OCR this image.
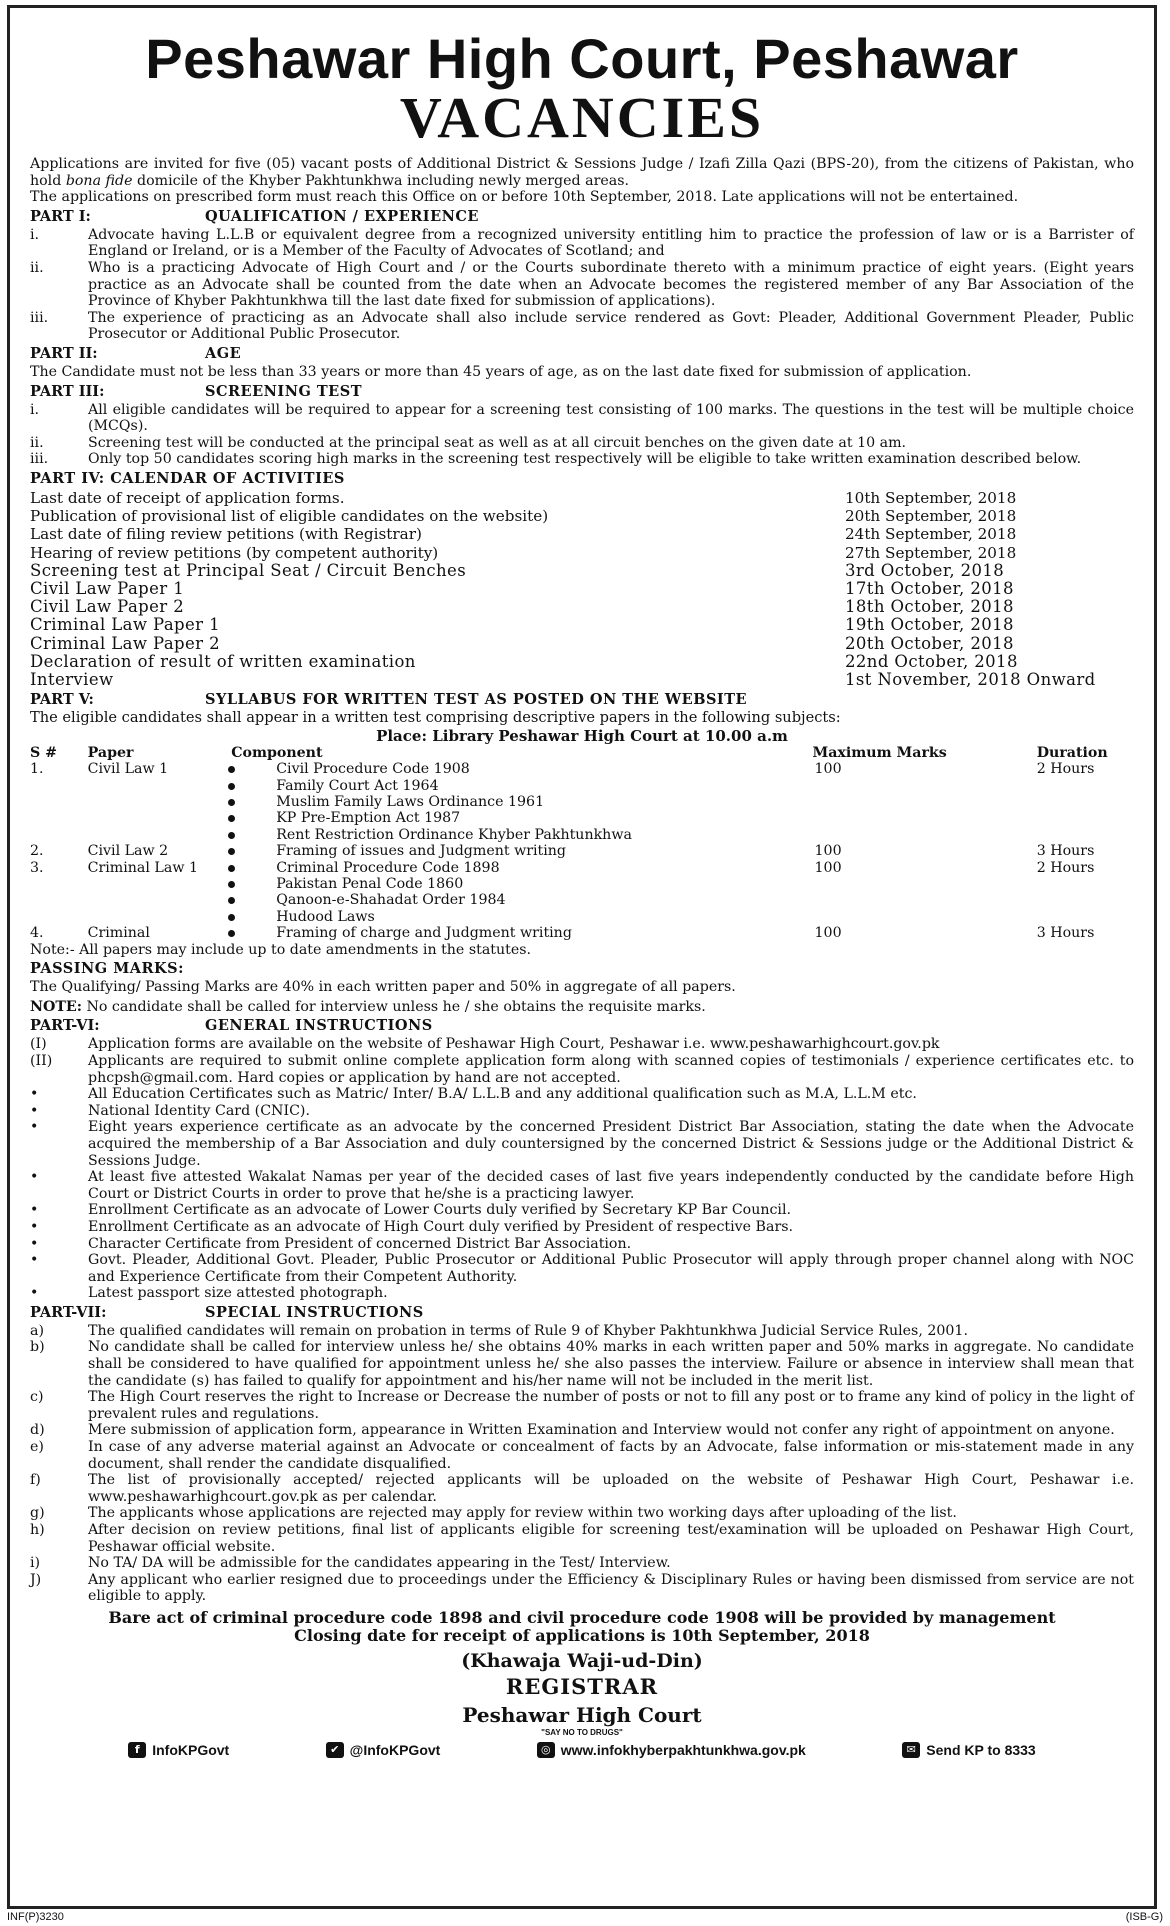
Peshawar High Court, Peshawar
VACANCIES

Applications are invited for five (05) vacant posts of Additional District & Sessions Judge / Izafi Zilla Qazi (BPS-20), from the citizens of Pakistan, who hold bona fide domicile of the Khyber Pakhtunkhwa including newly merged areas.

The applications on prescribed form must reach this Office on or before 10th September, 2018. Late applications will not be entertained.

PART I:	QUALIFICATION / EXPERIENCE
i.	Advocate having L.L.B or equivalent degree from a recognized university entitling him to practice the profession of law or is a Barrister of England or Ireland, or is a Member of the Faculty of Advocates of Scotland; and
ii.	Who is a practicing Advocate of High Court and / or the Courts subordinate thereto with a minimum practice of eight years. (Eight years practice as an Advocate shall be counted from the date when an Advocate becomes the registered member of any Bar Association of the Province of Khyber Pakhtunkhwa till the last date fixed for submission of applications).
iii.	The experience of practicing as an Advocate shall also include service rendered as Govt: Pleader, Additional Government Pleader, Public Prosecutor or Additional Public Prosecutor.
PART II:	AGE

The Candidate must not be less than 33 years or more than 45 years of age, as on the last date fixed for submission of application.

PART III:	SCREENING TEST
i.	All eligible candidates will be required to appear for a screening test consisting of 100 marks. The questions in the test will be multiple choice (MCQs).
ii.	Screening test will be conducted at the principal seat as well as at all circuit benches on the given date at 10 am.
iii.	Only top 50 candidates scoring high marks in the screening test respectively will be eligible to take written examination described below.
PART IV: CALENDAR OF ACTIVITIES
Last date of receipt of application forms.	10th September, 2018
Publication of provisional list of eligible candidates on the website)	20th September, 2018
Last date of filing review petitions (with Registrar)	24th September, 2018
Hearing of review petitions (by competent authority)	27th September, 2018
Screening test at Principal Seat / Circuit Benches	3rd October, 2018
Civil Law Paper 1	17th October, 2018
Civil Law Paper 2	18th October, 2018
Criminal Law Paper 1	19th October, 2018
Criminal Law Paper 2	20th October, 2018
Declaration of result of written examination	22nd October, 2018
Interview	1st November, 2018 Onward
PART V:	SYLLABUS FOR WRITTEN TEST AS POSTED ON THE WEBSITE

The eligible candidates shall appear in a written test comprising descriptive papers in the following subjects:

Place: Library Peshawar High Court at 10.00 a.m
S #	Paper		Component	Maximum Marks	Duration
1.	Civil Law 1		Civil Procedure Code 1908	100	2 Hours
			Family Court Act 1964		
			Muslim Family Laws Ordinance 1961		
			KP Pre-Emption Act 1987		
			Rent Restriction Ordinance Khyber Pakhtunkhwa		
2.	Civil Law 2		Framing of issues and Judgment writing	100	3 Hours
3.	Criminal Law 1		Criminal Procedure Code 1898	100	2 Hours
			Pakistan Penal Code 1860		
			Qanoon-e-Shahadat Order 1984		
			Hudood Laws		
4.	Criminal		Framing of charge and Judgment writing	100	3 Hours

Note:- All papers may include up to date amendments in the statutes.

PASSING MARKS:

The Qualifying/ Passing Marks are 40% in each written paper and 50% in aggregate of all papers.

NOTE: No candidate shall be called for interview unless he / she obtains the requisite marks.

PART-VI:	GENERAL INSTRUCTIONS
(I)	Application forms are available on the website of Peshawar High Court, Peshawar i.e. www.peshawarhighcourt.gov.pk
(II)	Applicants are required to submit online complete application form along with scanned copies of testimonials / experience certificates etc. to phcpsh@gmail.com. Hard copies or application by hand are not accepted.
•	All Education Certificates such as Matric/ Inter/ B.A/ L.L.B and any additional qualification such as M.A, L.L.M etc.
•	National Identity Card (CNIC).
•	Eight years experience certificate as an advocate by the concerned President District Bar Association, stating the date when the Advocate acquired the membership of a Bar Association and duly countersigned by the concerned District & Sessions judge or the Additional District & Sessions Judge.
•	At least five attested Wakalat Namas per year of the decided cases of last five years independently conducted by the candidate before High Court or District Courts in order to prove that he/she is a practicing lawyer.
•	Enrollment Certificate as an advocate of Lower Courts duly verified by Secretary KP Bar Council.
•	Enrollment Certificate as an advocate of High Court duly verified by President of respective Bars.
•	Character Certificate from President of concerned District Bar Association.
•	Govt. Pleader, Additional Govt. Pleader, Public Prosecutor or Additional Public Prosecutor will apply through proper channel along with NOC and Experience Certificate from their Competent Authority.
•	Latest passport size attested photograph.
PART-VII:	SPECIAL INSTRUCTIONS
a)	The qualified candidates will remain on probation in terms of Rule 9 of Khyber Pakhtunkhwa Judicial Service Rules, 2001.
b)	No candidate shall be called for interview unless he/ she obtains 40% marks in each written paper and 50% marks in aggregate. No candidate shall be considered to have qualified for appointment unless he/ she also passes the interview. Failure or absence in interview shall mean that the candidate (s) has failed to qualify for appointment and his/her name will not be included in the merit list.
c)	The High Court reserves the right to Increase or Decrease the number of posts or not to fill any post or to frame any kind of policy in the light of prevalent rules and regulations.
d)	Mere submission of application form, appearance in Written Examination and Interview would not confer any right of appointment on anyone.
e)	In case of any adverse material against an Advocate or concealment of facts by an Advocate, false information or mis-statement made in any document, shall render the candidate disqualified.
f)	The list of provisionally accepted/ rejected applicants will be uploaded on the website of Peshawar High Court, Peshawar i.e. www.peshawarhighcourt.gov.pk as per calendar.
g)	The applicants whose applications are rejected may apply for review within two working days after uploading of the list.
h)	After decision on review petitions, final list of applicants eligible for screening test/examination will be uploaded on Peshawar High Court, Peshawar official website.
i)	No TA/ DA will be admissible for the candidates appearing in the Test/ Interview.
J)	Any applicant who earlier resigned due to proceedings under the Efficiency & Disciplinary Rules or having been dismissed from service are not eligible to apply.
Bare act of criminal procedure code 1898 and civil procedure code 1908 will be provided by management
Closing date for receipt of applications is 10th September, 2018
(Khawaja Waji-ud-Din)
REGISTRAR
Peshawar High Court
"SAY NO TO DRUGS"
f InfoKPGovt	✔ @InfoKPGovt	◎ www.infokhyberpakhtunkhwa.gov.pk	✉ Send KP to 8333
INF(P)3230	(ISB-G)
